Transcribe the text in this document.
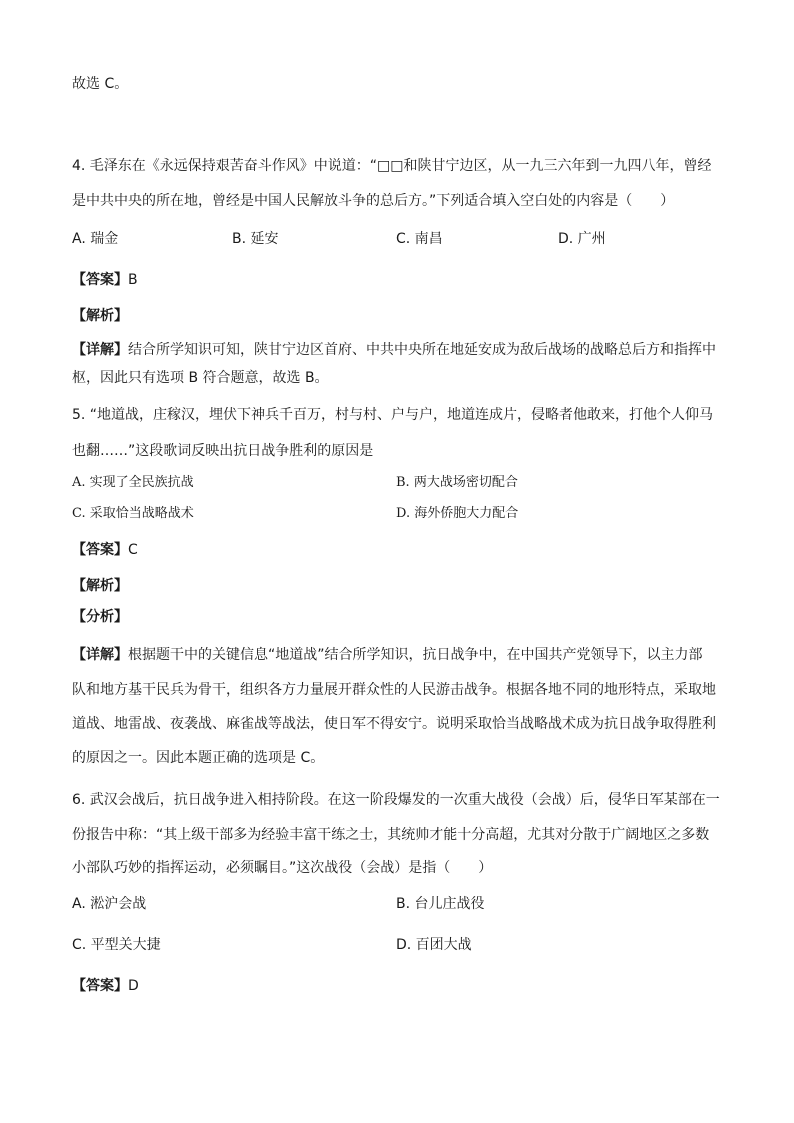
故选 C。
4. 毛泽东在《永远保持艰苦奋斗作风》中说道：“□□和陕甘宁边区，从一九三六年到一九四八年，曾经
是中共中央的所在地，曾经是中国人民解放斗争的总后方。”下列适合填入空白处的内容是（　　）
A. 瑞金	B. 延安	C. 南昌	D. 广州
【答案】B
【解析】
【详解】结合所学知识可知，陕甘宁边区首府、中共中央所在地延安成为敌后战场的战略总后方和指挥中
枢，因此只有选项 B 符合题意，故选 B。
5. “地道战，庄稼汉，埋伏下神兵千百万，村与村、户与户，地道连成片，侵略者他敢来，打他个人仰马
也翻……”这段歌词反映出抗日战争胜利的原因是
A. 实现了全民族抗战	B. 两大战场密切配合
C. 采取恰当战略战术	D. 海外侨胞大力配合
【答案】C
【解析】
【分析】
【详解】根据题干中的关键信息“地道战”结合所学知识，抗日战争中，在中国共产党领导下，以主力部
队和地方基干民兵为骨干，组织各方力量展开群众性的人民游击战争。根据各地不同的地形特点，采取地
道战、地雷战、夜袭战、麻雀战等战法，使日军不得安宁。说明采取恰当战略战术成为抗日战争取得胜利
的原因之一。因此本题正确的选项是 C。
6. 武汉会战后，抗日战争进入相持阶段。在这一阶段爆发的一次重大战役（会战）后，侵华日军某部在一
份报告中称：“其上级干部多为经验丰富干练之士，其统帅才能十分高超，尤其对分散于广阔地区之多数
小部队巧妙的指挥运动，必须瞩目。”这次战役（会战）是指（　　）
A. 淞沪会战	B. 台儿庄战役
C. 平型关大捷	D. 百团大战
【答案】D
